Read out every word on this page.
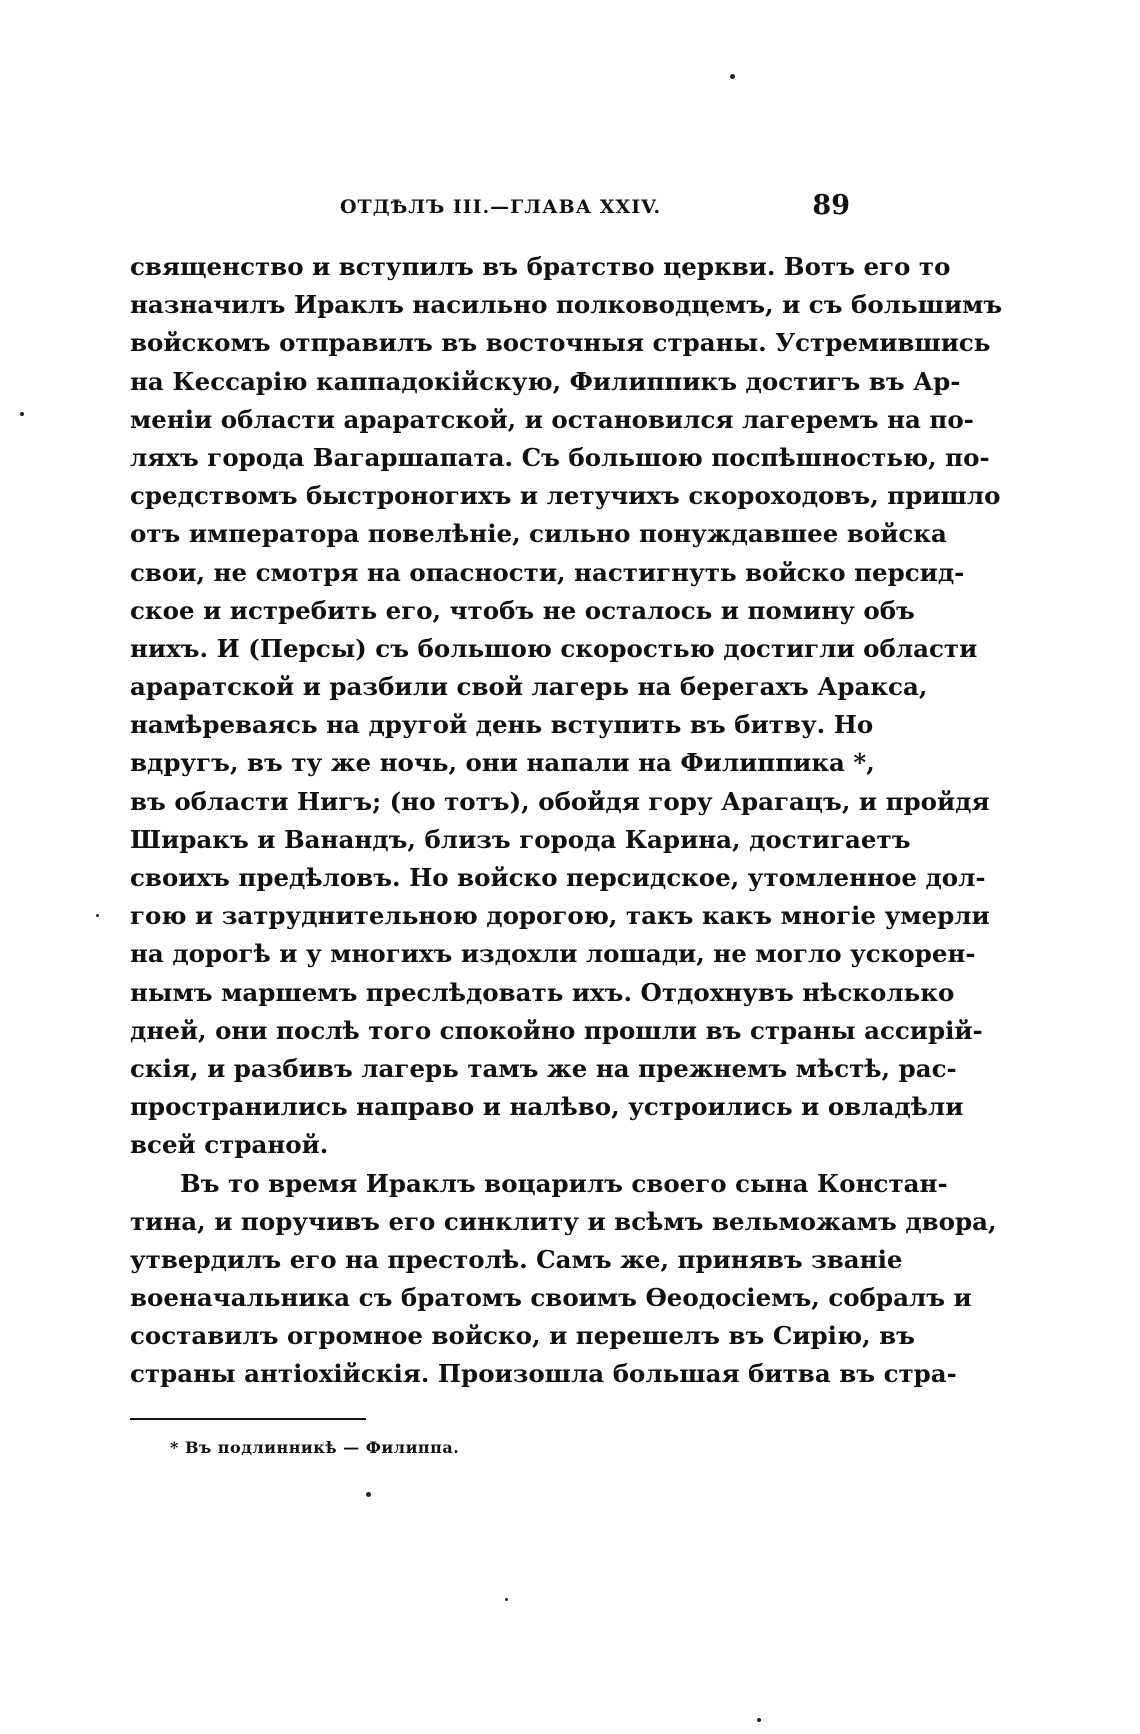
ОТДѢЛЪ III.—ГЛАВА XXIV.	89
священство и вступилъ въ братство церкви. Вотъ его то
назначилъ Ираклъ насильно полководцемъ, и съ большимъ
войскомъ отправилъ въ восточныя страны. Устремившись
на Кессарію каппадокійскую, Филиппикъ достигъ въ Ар-
меніи области араратской, и остановился лагеремъ на по-
ляхъ города Вагаршапата. Съ большою поспѣшностью, по-
средствомъ быстроногихъ и летучихъ скороходовъ, пришло
отъ императора повелѣніе, сильно понуждавшее войска
свои, не смотря на опасности, настигнуть войско персид-
ское и истребить его, чтобъ не осталось и помину объ
нихъ. И (Персы) съ большою скоростью достигли области
араратской и разбили свой лагерь на берегахъ Аракса,
намѣреваясь на другой день вступить въ битву. Но
вдругъ, въ ту же ночь, они напали на Филиппика *,
въ области Нигъ; (но тотъ), обойдя гору Арагацъ, и пройдя
Ширакъ и Ванандъ, близъ города Карина, достигаетъ
своихъ предѣловъ. Но войско персидское, утомленное дол-
гою и затруднительною дорогою, такъ какъ многіе умерли
на дорогѣ и у многихъ издохли лошади, не могло ускорен-
нымъ маршемъ преслѣдовать ихъ. Отдохнувъ нѣсколько
дней, они послѣ того спокойно прошли въ страны ассирій-
скія, и разбивъ лагерь тамъ же на прежнемъ мѣстѣ, рас-
пространились направо и налѣво, устроились и овладѣли
всей страной.
Въ то время Ираклъ воцарилъ своего сына Констан-
тина, и поручивъ его синклиту и всѣмъ вельможамъ двора,
утвердилъ его на престолѣ. Самъ же, принявъ званіе
военачальника съ братомъ своимъ Ѳеодосіемъ, собралъ и
составилъ огромное войско, и перешелъ въ Сирію, въ
страны антіохійскія. Произошла большая битва въ стра-
* Въ подлинникѣ — Филиппа.
